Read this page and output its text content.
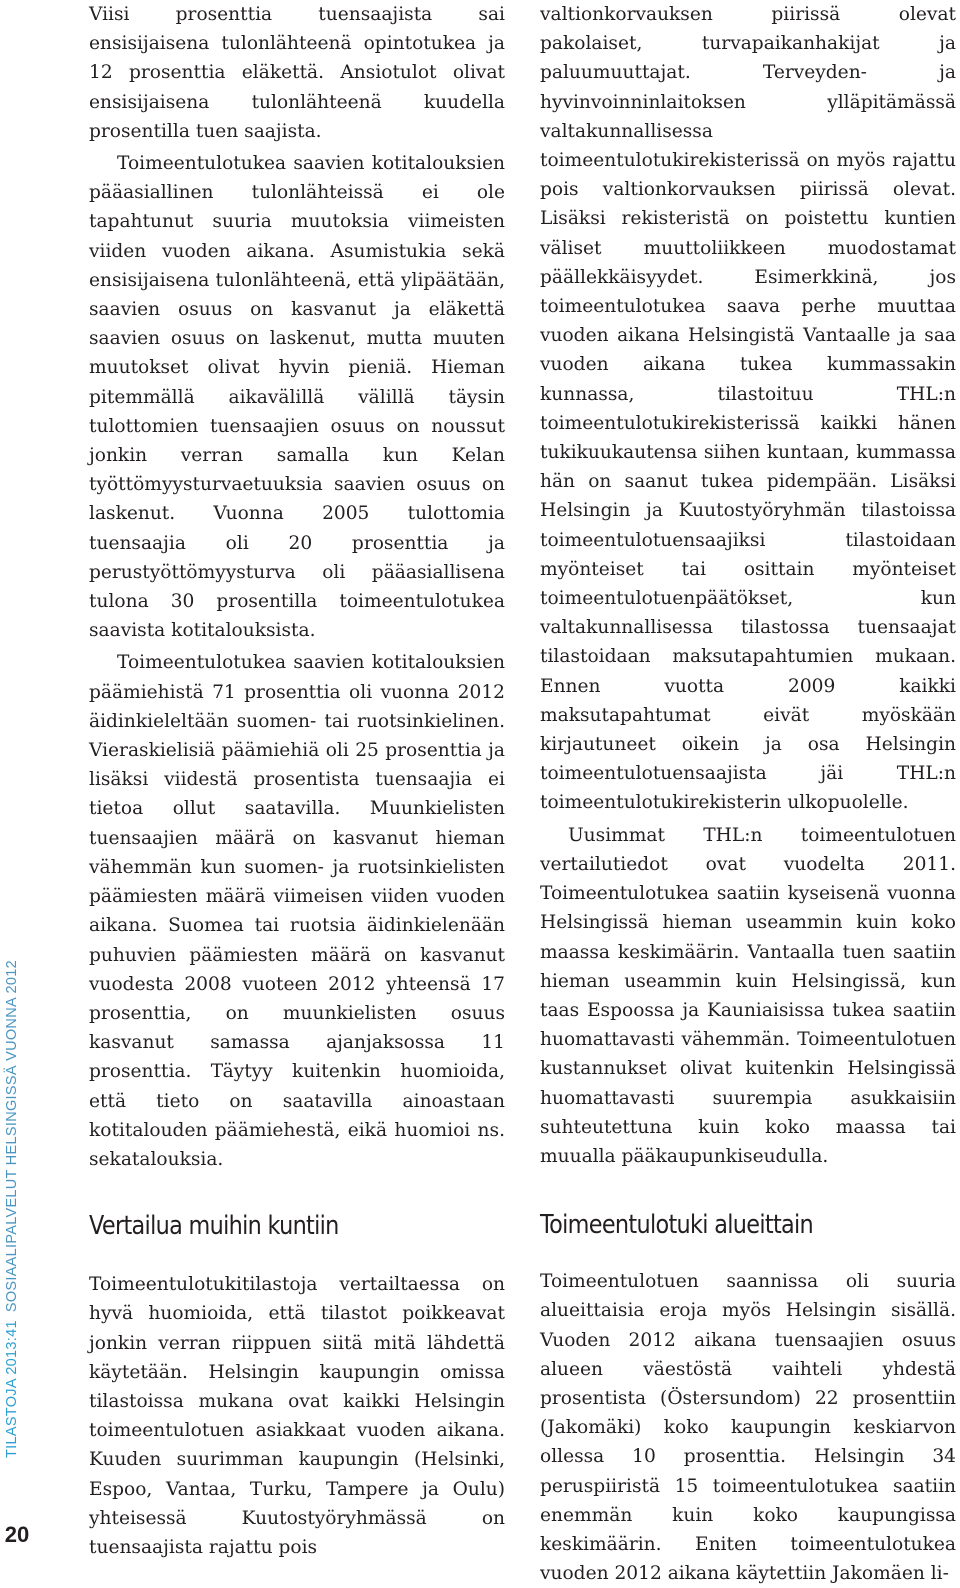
TILASTOJA 2013:41SOSIAALIPALVELUT HELSINGISSÄ VUONNA 2012
20

Viisi prosenttia tuensaajista sai ensisijaisena tulonlähteenä opintotukea ja 12 prosenttia eläkettä. Ansiotulot olivat ensisijaisena tulonlähteenä kuudella prosentilla tuen saajista.

Toimeentulotukea saavien kotitalouksien pääasiallinen tulonlähteissä ei ole tapahtunut suuria muutoksia viimeisten viiden vuoden aikana. Asumistukia sekä ensisijaisena tulonlähteenä, että ylipäätään, saavien osuus on kasvanut ja eläkettä saavien osuus on laskenut, mutta muuten muutokset olivat hyvin pieniä. Hieman pitemmällä aikavälillä välillä täysin tulottomien tuensaajien osuus on noussut jonkin verran samalla kun Kelan työttömyysturvaetuuksia saavien osuus on laskenut. Vuonna 2005 tulottomia tuensaajia oli 20 prosenttia ja perustyöttömyysturva oli pääasiallisena tulona 30 prosentilla toimeentulotukea saavista kotitalouksista.

Toimeentulotukea saavien kotitalouksien päämiehistä 71 prosenttia oli vuonna 2012 äidinkieleltään suomen- tai ruotsinkielinen. Vieraskielisiä päämiehiä oli 25 prosenttia ja lisäksi viidestä prosentista tuensaajia ei tietoa ollut saatavilla. Muunkielisten tuensaajien määrä on kasvanut hieman vähemmän kun suomen- ja ruotsinkielisten päämiesten määrä viimeisen viiden vuoden aikana. Suomea tai ruotsia äidinkielenään puhuvien päämiesten määrä on kasvanut vuodesta 2008 vuoteen 2012 yhteensä 17 prosenttia, on muunkielisten osuus kasvanut samassa ajanjaksossa 11 prosenttia. Täytyy kuitenkin huomioida, että tieto on saatavilla ainoastaan kotitalouden päämiehestä, eikä huomioi ns. sekatalouksia.

Vertailua muihin kuntiin

Toimeentulotukitilastoja vertailtaessa on hyvä huomioida, että tilastot poikkeavat jonkin verran riippuen siitä mitä lähdettä käytetään. Helsingin kaupungin omissa tilastoissa mukana ovat kaikki Helsingin toimeentulotuen asiakkaat vuoden aikana. Kuuden suurimman kaupungin (Helsinki, Espoo, Vantaa, Turku, Tampere ja Oulu) yhteisessä Kuutostyöryhmässä on tuensaajista rajattu pois

valtionkorvauksen piirissä olevat pakolaiset, turvapaikanhakijat ja paluumuuttajat. Terveyden- ja hyvinvoinninlaitoksen ylläpitämässä valtakunnallisessa toimeentulotukirekisterissä on myös rajattu pois valtionkorvauksen piirissä olevat. Lisäksi rekisteristä on poistettu kuntien väliset muuttoliikkeen muodostamat päällekkäisyydet. Esimerkkinä, jos toimeentulotukea saava perhe muuttaa vuoden aikana Helsingistä Vantaalle ja saa vuoden aikana tukea kummassakin kunnassa, tilastoituu THL:n toimeentulotukirekisterissä kaikki hänen tukikuukautensa siihen kuntaan, kummassa hän on saanut tukea pidempään. Lisäksi Helsingin ja Kuutostyöryhmän tilastoissa toimeentulotuensaajiksi tilastoidaan myönteiset tai osittain myönteiset toimeentulotuenpäätökset, kun valtakunnallisessa tilastossa tuensaajat tilastoidaan maksutapahtumien mukaan. Ennen vuotta 2009 kaikki maksutapahtumat eivät myöskään kirjautuneet oikein ja osa Helsingin toimeentulotuensaajista jäi THL:n toimeentulotukirekisterin ulkopuolelle.

Uusimmat THL:n toimeentulotuen vertailutiedot ovat vuodelta 2011. Toimeentulotukea saatiin kyseisenä vuonna Helsingissä hieman useammin kuin koko maassa keskimäärin. Vantaalla tuen saatiin hieman useammin kuin Helsingissä, kun taas Espoossa ja Kauniaisissa tukea saatiin huomattavasti vähemmän. Toimeentulotuen kustannukset olivat kuitenkin Helsingissä huomattavasti suurempia asukkaisiin suhteutettuna kuin koko maassa tai muualla pääkaupunkiseudulla.

Toimeentulotuki alueittain

Toimeentulotuen saannissa oli suuria alueittaisia eroja myös Helsingin sisällä. Vuoden 2012 aikana tuensaajien osuus alueen väestöstä vaihteli yhdestä prosentista (Östersundom) 22 prosenttiin (Jakomäki) koko kaupungin keskiarvon ollessa 10 prosenttia. Helsingin 34 peruspiiristä 15 toimeentulotukea saatiin enemmän kuin koko kaupungissa keskimäärin. Eniten toimeentulotukea vuoden 2012 aikana käytettiin Jakomäen li-
